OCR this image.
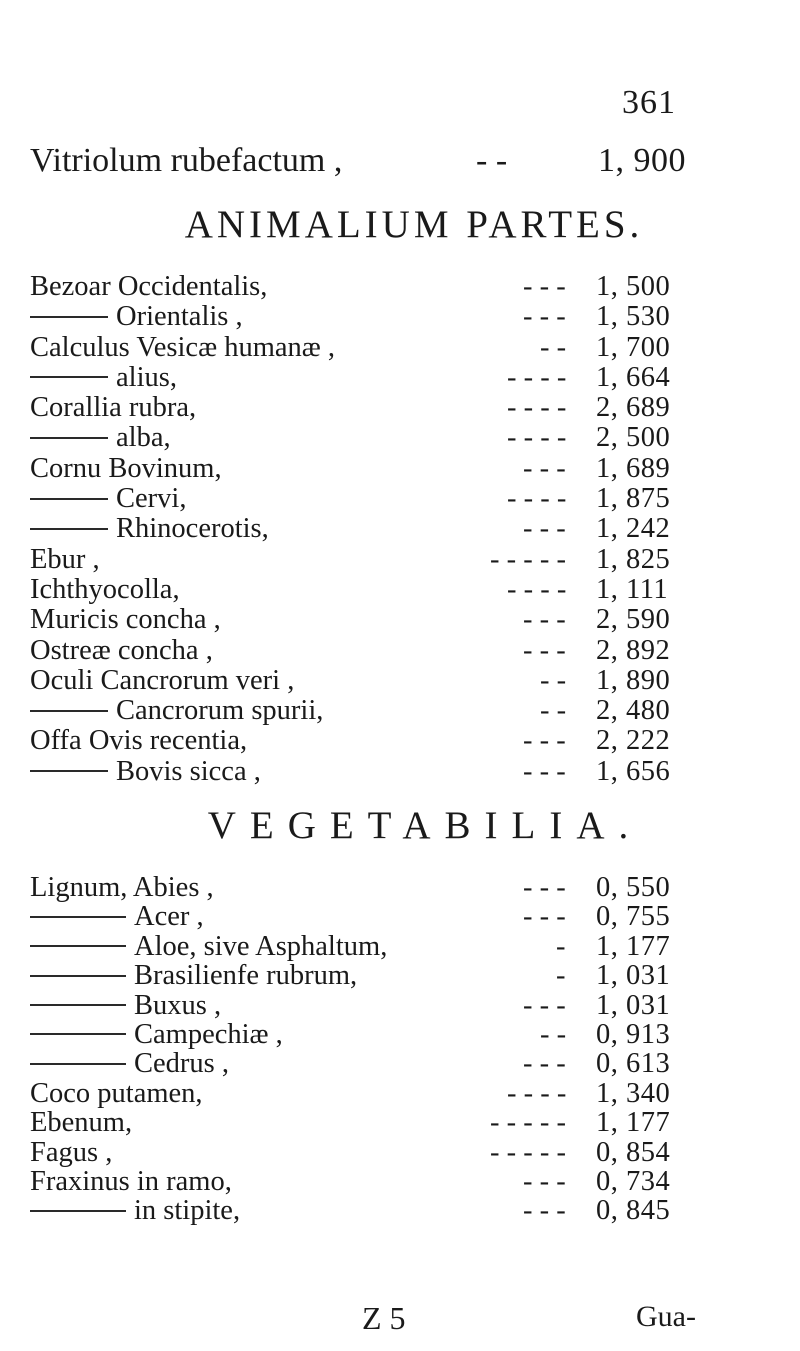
361
Vitriolum rubefactum ,	- -	1, 900
ANIMALIUM PARTES.
Bezoar Occidentalis,	- - - 1, 500
Orientalis ,	- - - 1, 530
Calculus Vesicæ humanæ ,	- - 1, 700
alius,	- - - - 1, 664
Corallia rubra,	- - - - 2, 689
alba,	- - - - 2, 500
Cornu Bovinum,	- - - 1, 689
Cervi,	- - - - 1, 875
Rhinocerotis,	- - - 1, 242
Ebur ,	- - - - - 1, 825
Ichthyocolla,	- - - - 1, 111
Muricis concha ,	- - - 2, 590
Ostreæ concha ,	- - - 2, 892
Oculi Cancrorum veri ,	- - 1, 890
Cancrorum spurii,	- - 2, 480
Offa Ovis recentia,	- - - 2, 222
Bovis sicca ,	- - - 1, 656
VEGETABILIA.
Lignum, Abies ,	- - - 0, 550
Acer ,	- - - 0, 755
Aloe, sive Asphaltum,	- 1, 177
Brasilienfe rubrum,	- 1, 031
Buxus ,	- - - 1, 031
Campechiæ ,	- - 0, 913
Cedrus ,	- - - 0, 613
Coco putamen,	- - - - 1, 340
Ebenum,	- - - - - 1, 177
Fagus ,	- - - - - 0, 854
Fraxinus in ramo,	- - - 0, 734
in stipite,	- - - 0, 845
Z 5	Gua-
